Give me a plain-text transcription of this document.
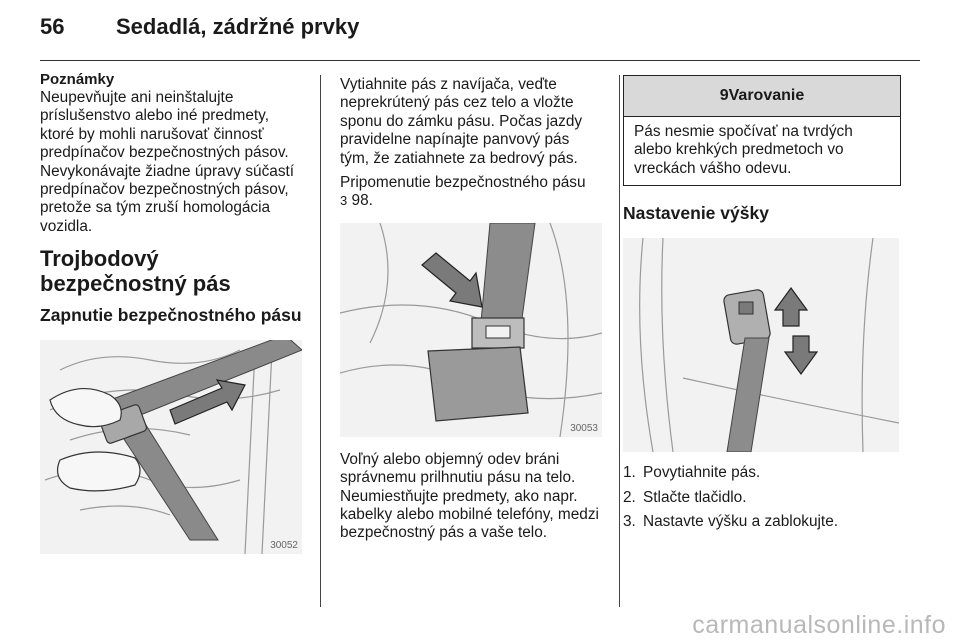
56 Sedadlá, zádržné prvky
Poznámky

Neupevňujte ani neinštalujte príslušenstvo alebo iné predmety, ktoré by mohli narušovať činnosť predpínačov bezpečnostných pásov. Nevykonávajte žiadne úpravy súčastí predpínačov bezpečnostných pásov, pretože sa tým zruší homologácia vozidla.

Trojbodový bezpečnostný pás
Zapnutie bezpečnostného pásu
30052

Vytiahnite pás z navíjača, veďte neprekrútený pás cez telo a vložte sponu do zámku pásu. Počas jazdy pravidelne napínajte panvový pás tým, že zatiahnete za bedrový pás.

Pripomenutie bezpečnostného pásu
3 98.

30053

Voľný alebo objemný odev bráni správnemu prilhnutiu pásu na telo. Neumiestňujte predmety, ako napr. kabelky alebo mobilné telefóny, medzi bezpečnostný pás a vaše telo.

9Varovanie
Pás nesmie spočívať na tvrdých alebo krehkých predmetoch vo vreckách vášho odevu.
Nastavenie výšky
1. Povytiahnite pás.
2. Stlačte tlačidlo.
3. Nastavte výšku a zablokujte.
carmanualsonline.info
